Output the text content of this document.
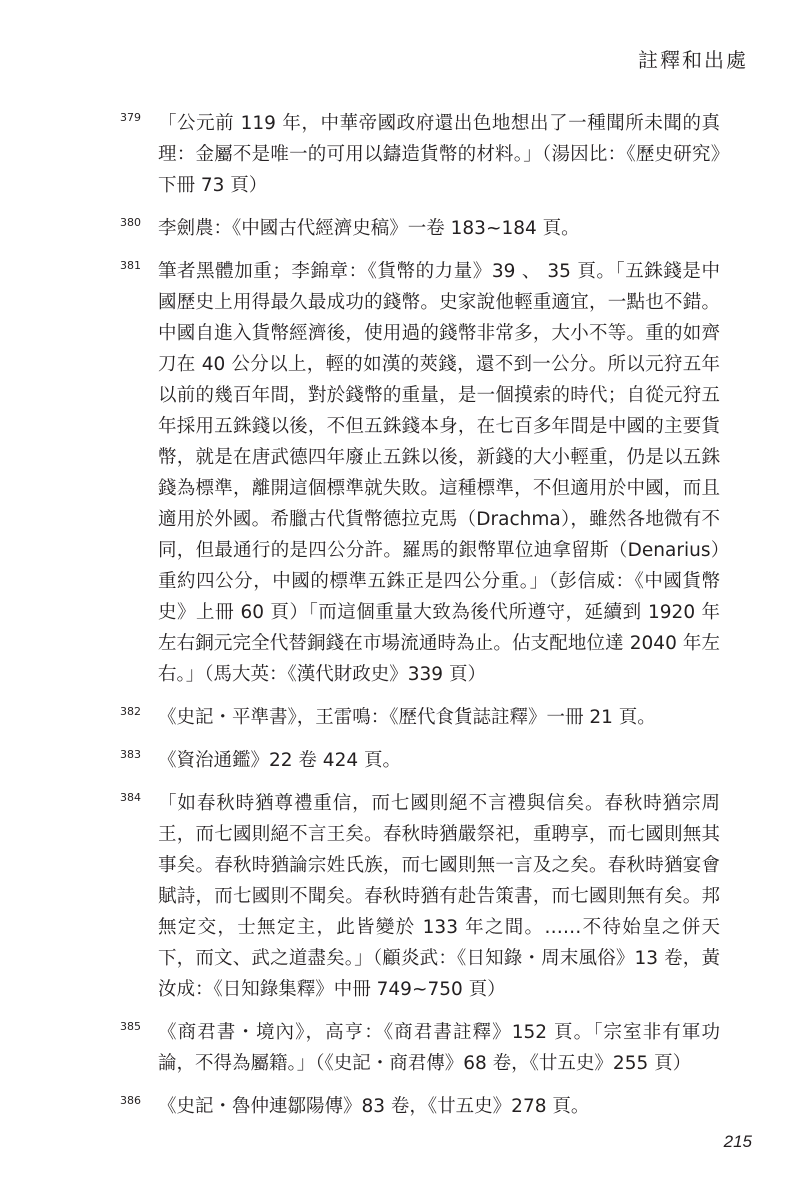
註釋和出處
379 「公元前 119 年，中華帝國政府還出色地想出了一種聞所未聞的真理：金屬不是唯一的可用以鑄造貨幣的材料。」（湯因比：《歷史研究》下冊 73 頁）
380 李劍農：《中國古代經濟史稿》一卷 183~184 頁。
381 筆者黑體加重；李錦章：《貨幣的力量》39 、 35 頁。「五銖錢是中國歷史上用得最久最成功的錢幣。史家說他輕重適宜，一點也不錯。中國自進入貨幣經濟後，使用過的錢幣非常多，大小不等。重的如齊刀在 40 公分以上，輕的如漢的莢錢，還不到一公分。所以元狩五年以前的幾百年間，對於錢幣的重量，是一個摸索的時代；自從元狩五年採用五銖錢以後，不但五銖錢本身，在七百多年間是中國的主要貨幣，就是在唐武德四年廢止五銖以後，新錢的大小輕重，仍是以五銖錢為標準，離開這個標準就失敗。這種標準，不但適用於中國，而且適用於外國。希臘古代貨幣德拉克馬（Drachma），雖然各地微有不同，但最通行的是四公分許。羅馬的銀幣單位迪拿留斯（Denarius）重約四公分，中國的標準五銖正是四公分重。」（彭信威：《中國貨幣史》上冊 60 頁）「而這個重量大致為後代所遵守，延續到 1920 年左右銅元完全代替銅錢在市場流通時為止。佔支配地位達 2040 年左右。」（馬大英：《漢代財政史》339 頁）
382 《史記・平準書》，王雷鳴：《歷代食貨誌註釋》一冊 21 頁。
383 《資治通鑑》22 卷 424 頁。
384 「如春秋時猶尊禮重信，而七國則絕不言禮與信矣。春秋時猶宗周王，而七國則絕不言王矣。春秋時猶嚴祭祀，重聘享，而七國則無其事矣。春秋時猶論宗姓氏族，而七國則無一言及之矣。春秋時猶宴會賦詩，而七國則不聞矣。春秋時猶有赴告策書，而七國則無有矣。邦無定交，士無定主，此皆變於 133 年之間。……不待始皇之併天下，而文、武之道盡矣。」（顧炎武：《日知錄・周末風俗》13 卷，黃汝成：《日知錄集釋》中冊 749~750 頁）
385 《商君書・境內》，高亨：《商君書註釋》152 頁。「宗室非有軍功論，不得為屬籍。」（《史記・商君傳》68 卷，《廿五史》255 頁）
386 《史記・魯仲連鄒陽傳》83 卷，《廿五史》278 頁。
215
